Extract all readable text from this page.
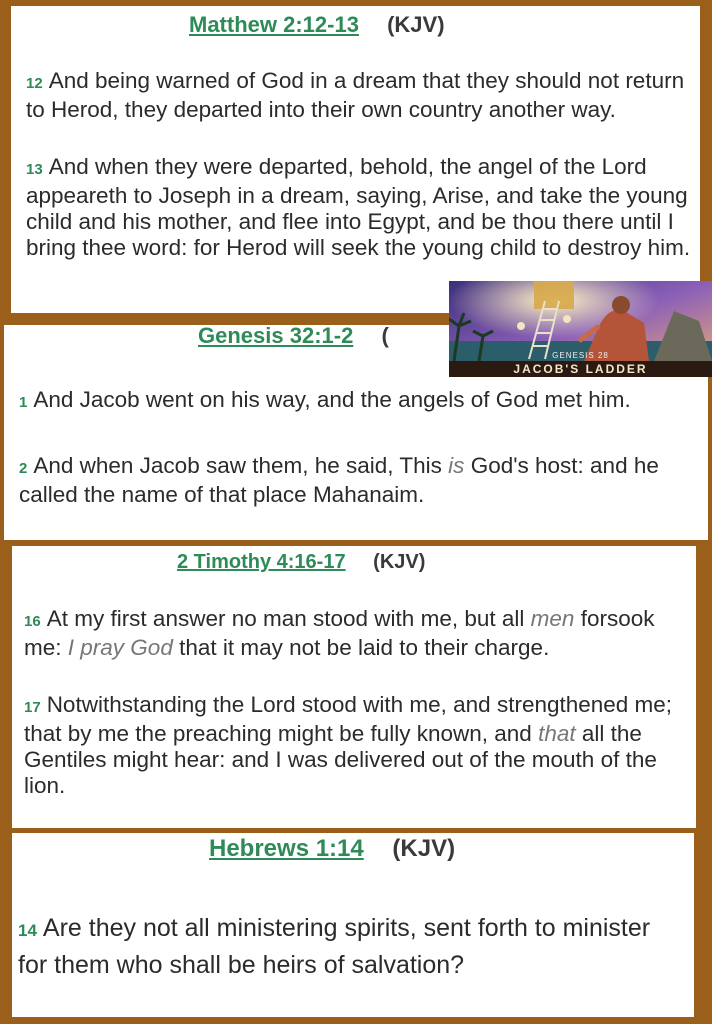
Matthew 2:12-13 (KJV)
12 And being warned of God in a dream that they should not return to Herod, they departed into their own country another way.
13 And when they were departed, behold, the angel of the Lord appeareth to Joseph in a dream, saying, Arise, and take the young child and his mother, and flee into Egypt, and be thou there until I bring thee word: for Herod will seek the young child to destroy him.
Genesis 32:1-2 (
1 And Jacob went on his way, and the angels of God met him.
2 And when Jacob saw them, he said, This is God's host: and he called the name of that place Mahanaim.
2 Timothy 4:16-17 (KJV)
16 At my first answer no man stood with me, but all men forsook me: I pray God that it may not be laid to their charge.
17 Notwithstanding the Lord stood with me, and strengthened me; that by me the preaching might be fully known, and that all the Gentiles might hear: and I was delivered out of the mouth of the lion.
Hebrews 1:14 (KJV)
14 Are they not all ministering spirits, sent forth to minister for them who shall be heirs of salvation?
GENESIS 28
JACOB'S LADDER
